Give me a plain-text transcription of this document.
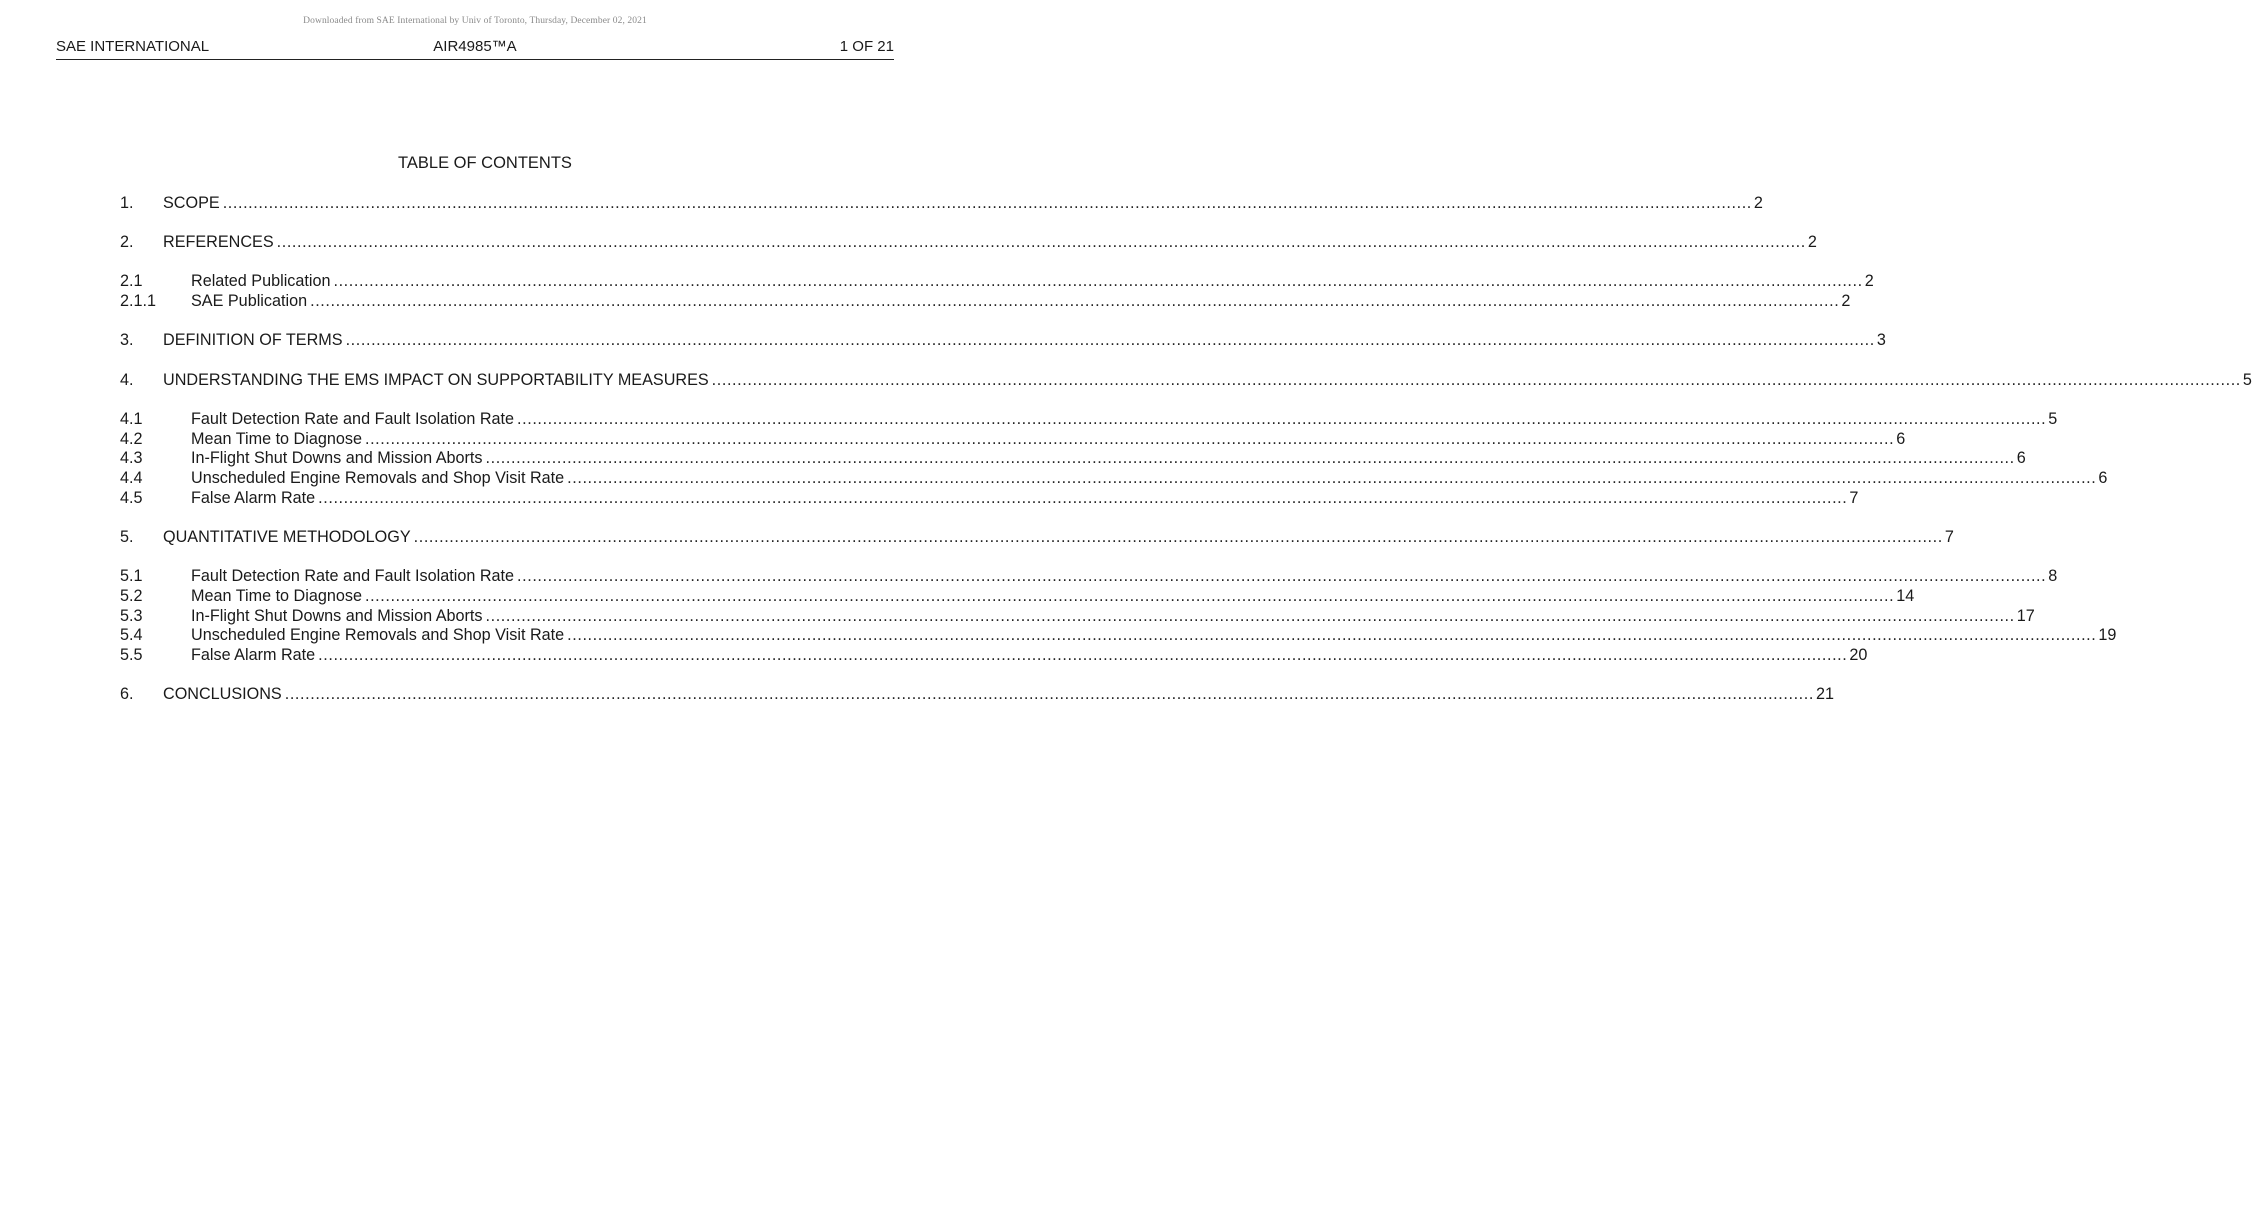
Downloaded from SAE International by Univ of Toronto, Thursday, December 02, 2021
SAE INTERNATIONAL	AIR4985™A	1 OF 21
TABLE OF CONTENTS
1.	SCOPE ............................................................................................................................................................................................................................................................................................................ 2
2.	REFERENCES ............................................................................................................................................................................................................................................................................................................ 2
2.1	Related Publication ............................................................................................................................................................................................................................................................................................................ 2
2.1.1	SAE Publication ............................................................................................................................................................................................................................................................................................................ 2
3.	DEFINITION OF TERMS ............................................................................................................................................................................................................................................................................................................ 3
4.	UNDERSTANDING THE EMS IMPACT ON SUPPORTABILITY MEASURES ............................................................................................................................................................................................................................................................................................................ 5
4.1	Fault Detection Rate and Fault Isolation Rate ............................................................................................................................................................................................................................................................................................................ 5
4.2	Mean Time to Diagnose ............................................................................................................................................................................................................................................................................................................ 6
4.3	In-Flight Shut Downs and Mission Aborts ............................................................................................................................................................................................................................................................................................................ 6
4.4	Unscheduled Engine Removals and Shop Visit Rate ............................................................................................................................................................................................................................................................................................................ 6
4.5	False Alarm Rate ............................................................................................................................................................................................................................................................................................................ 7
5.	QUANTITATIVE METHODOLOGY ............................................................................................................................................................................................................................................................................................................ 7
5.1	Fault Detection Rate and Fault Isolation Rate ............................................................................................................................................................................................................................................................................................................ 8
5.2	Mean Time to Diagnose ............................................................................................................................................................................................................................................................................................................ 14
5.3	In-Flight Shut Downs and Mission Aborts ............................................................................................................................................................................................................................................................................................................ 17
5.4	Unscheduled Engine Removals and Shop Visit Rate ............................................................................................................................................................................................................................................................................................................ 19
5.5	False Alarm Rate ............................................................................................................................................................................................................................................................................................................ 20
6.	CONCLUSIONS ............................................................................................................................................................................................................................................................................................................ 21
